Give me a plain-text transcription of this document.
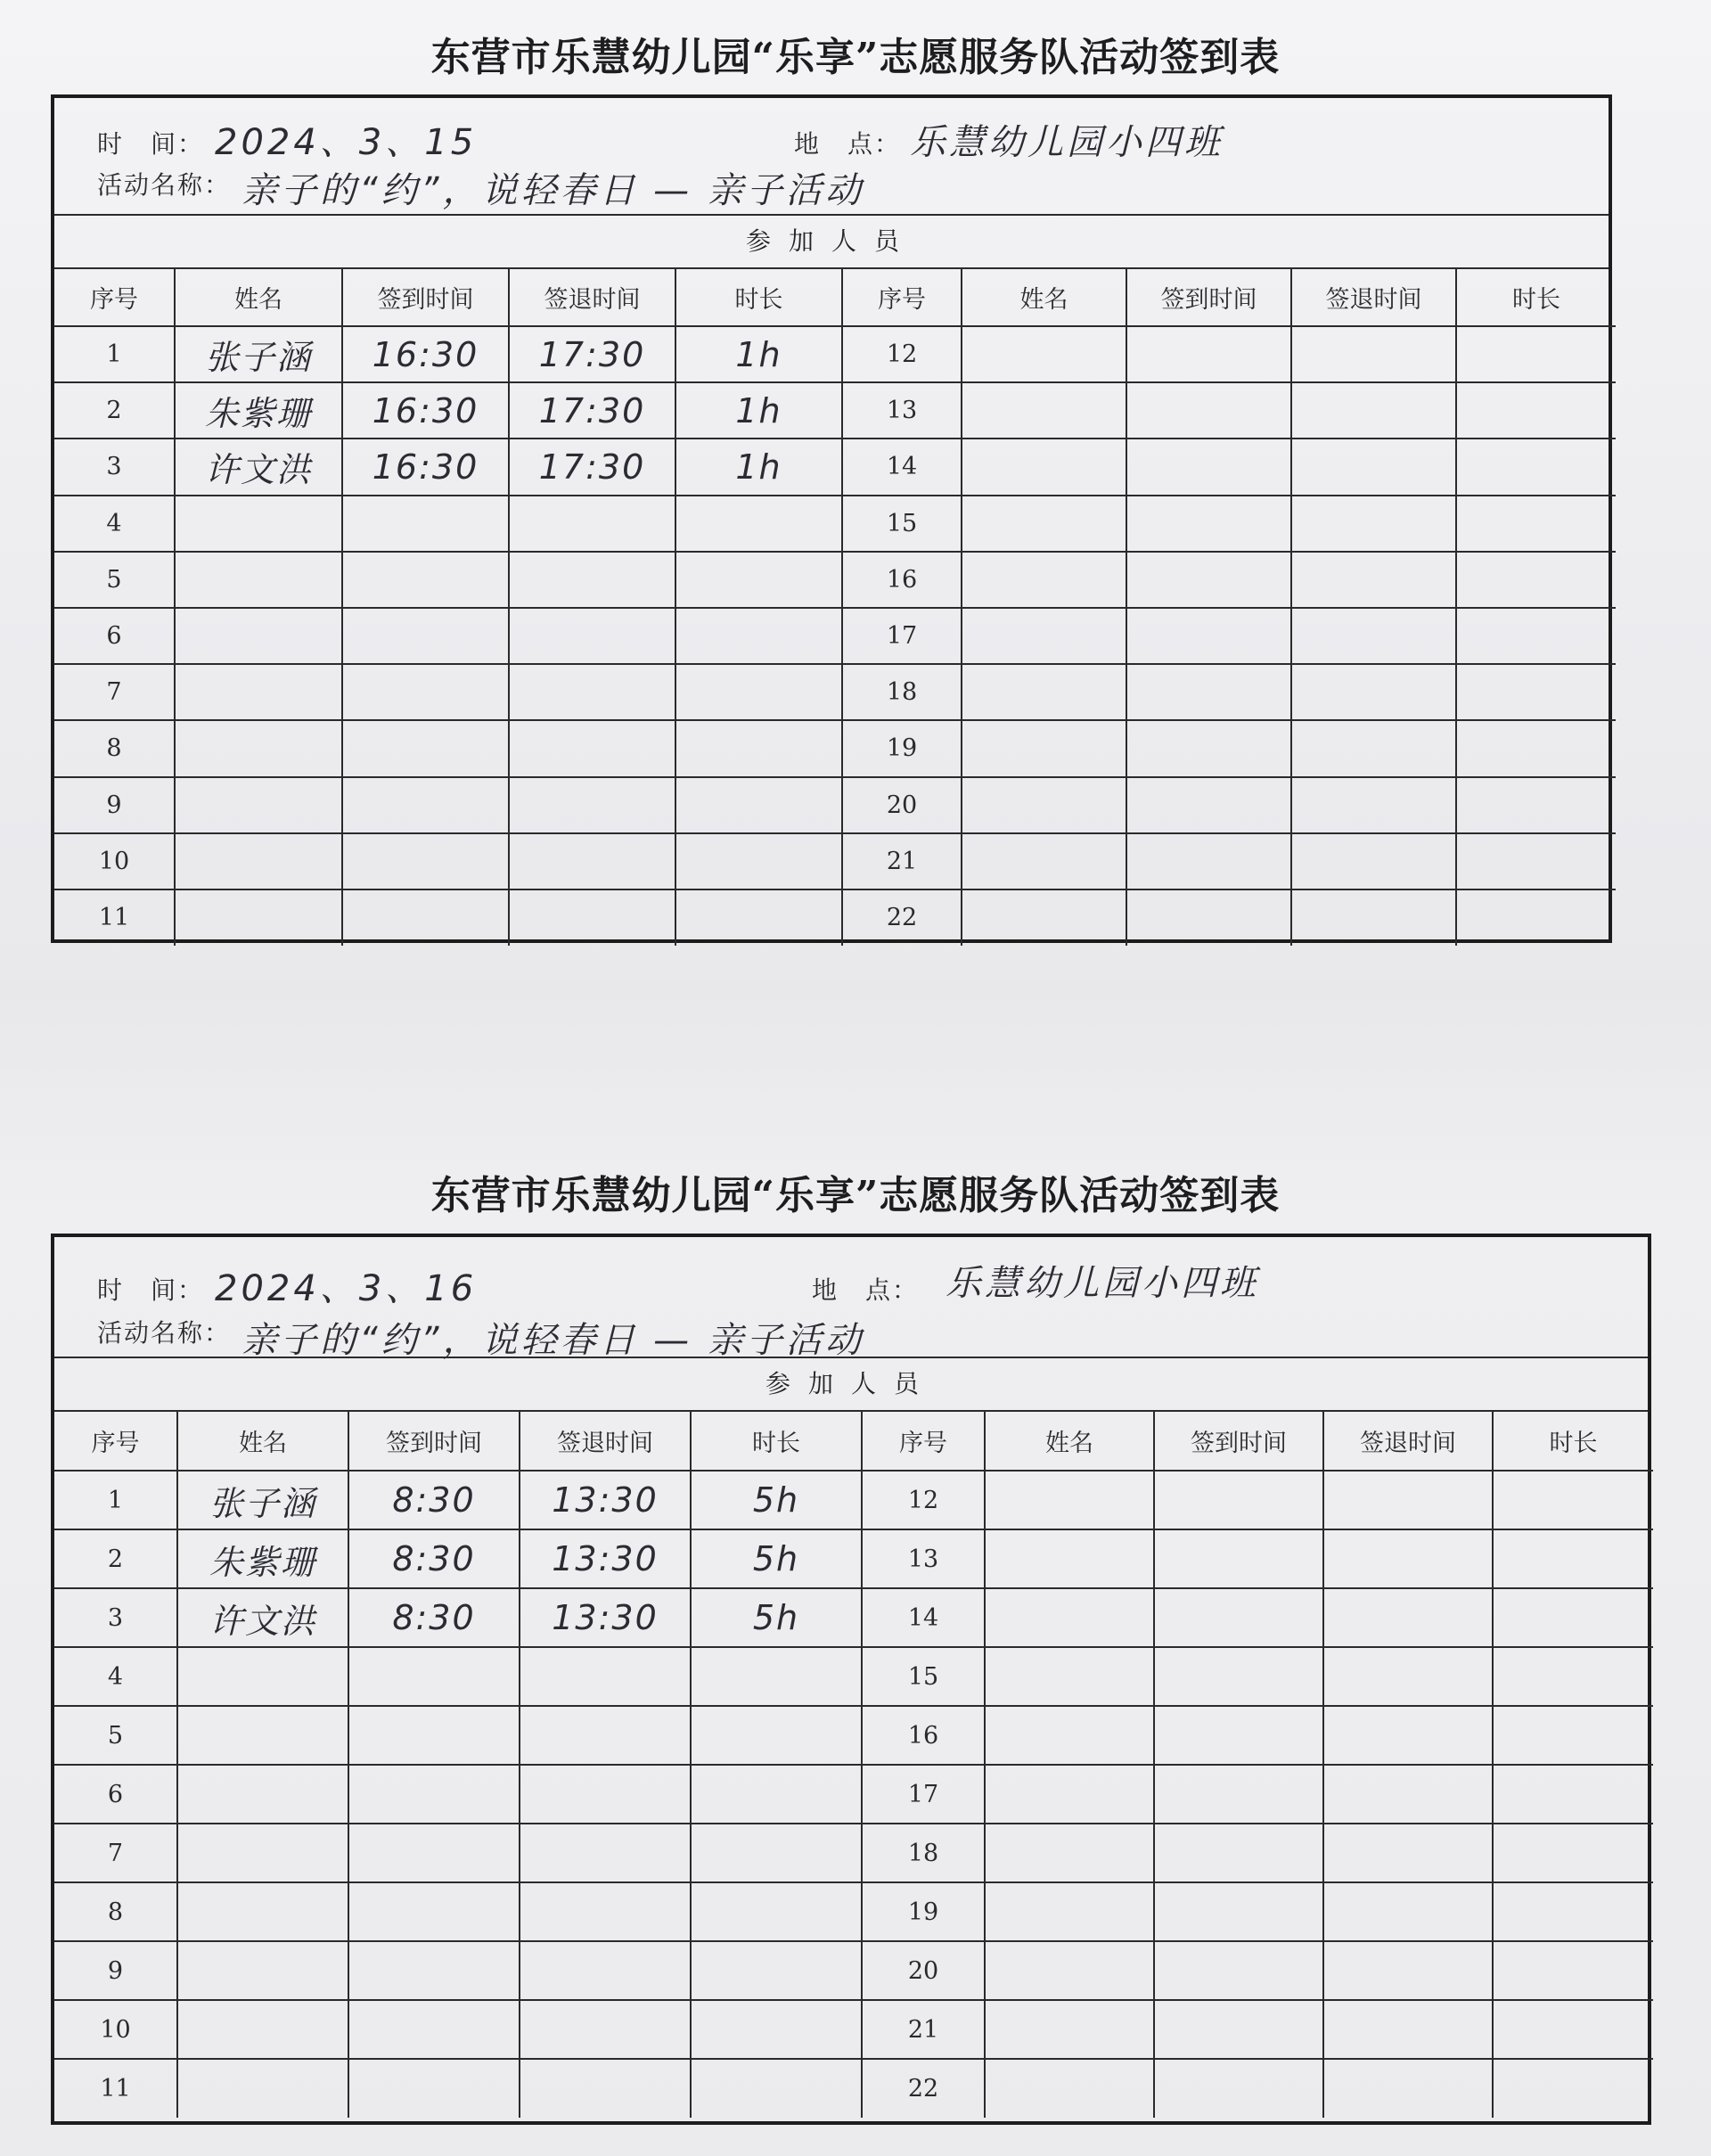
东营市乐慧幼儿园“乐享”志愿服务队活动签到表
时　间： 2024、3、15	地　点： 乐慧幼儿园小四班
活动名称： 亲子的“约”，说轻春日 — 亲子活动
参加人员
序号	姓名	签到时间	签退时间	时长	序号	姓名	签到时间	签退时间	时长
1	张子涵	16:30	17:30	1h	12				
2	朱紫珊	16:30	17:30	1h	13				
3	许文洪	16:30	17:30	1h	14				
4					15				
5					16				
6					17				
7					18				
8					19				
9					20				
10					21				
11					22				
东营市乐慧幼儿园“乐享”志愿服务队活动签到表
时　间： 2024、3、16	地　点： 乐慧幼儿园小四班
活动名称： 亲子的“约”，说轻春日 — 亲子活动
参加人员
序号	姓名	签到时间	签退时间	时长	序号	姓名	签到时间	签退时间	时长
1	张子涵	8:30	13:30	5h	12				
2	朱紫珊	8:30	13:30	5h	13				
3	许文洪	8:30	13:30	5h	14				
4					15				
5					16				
6					17				
7					18				
8					19				
9					20				
10					21				
11					22				
